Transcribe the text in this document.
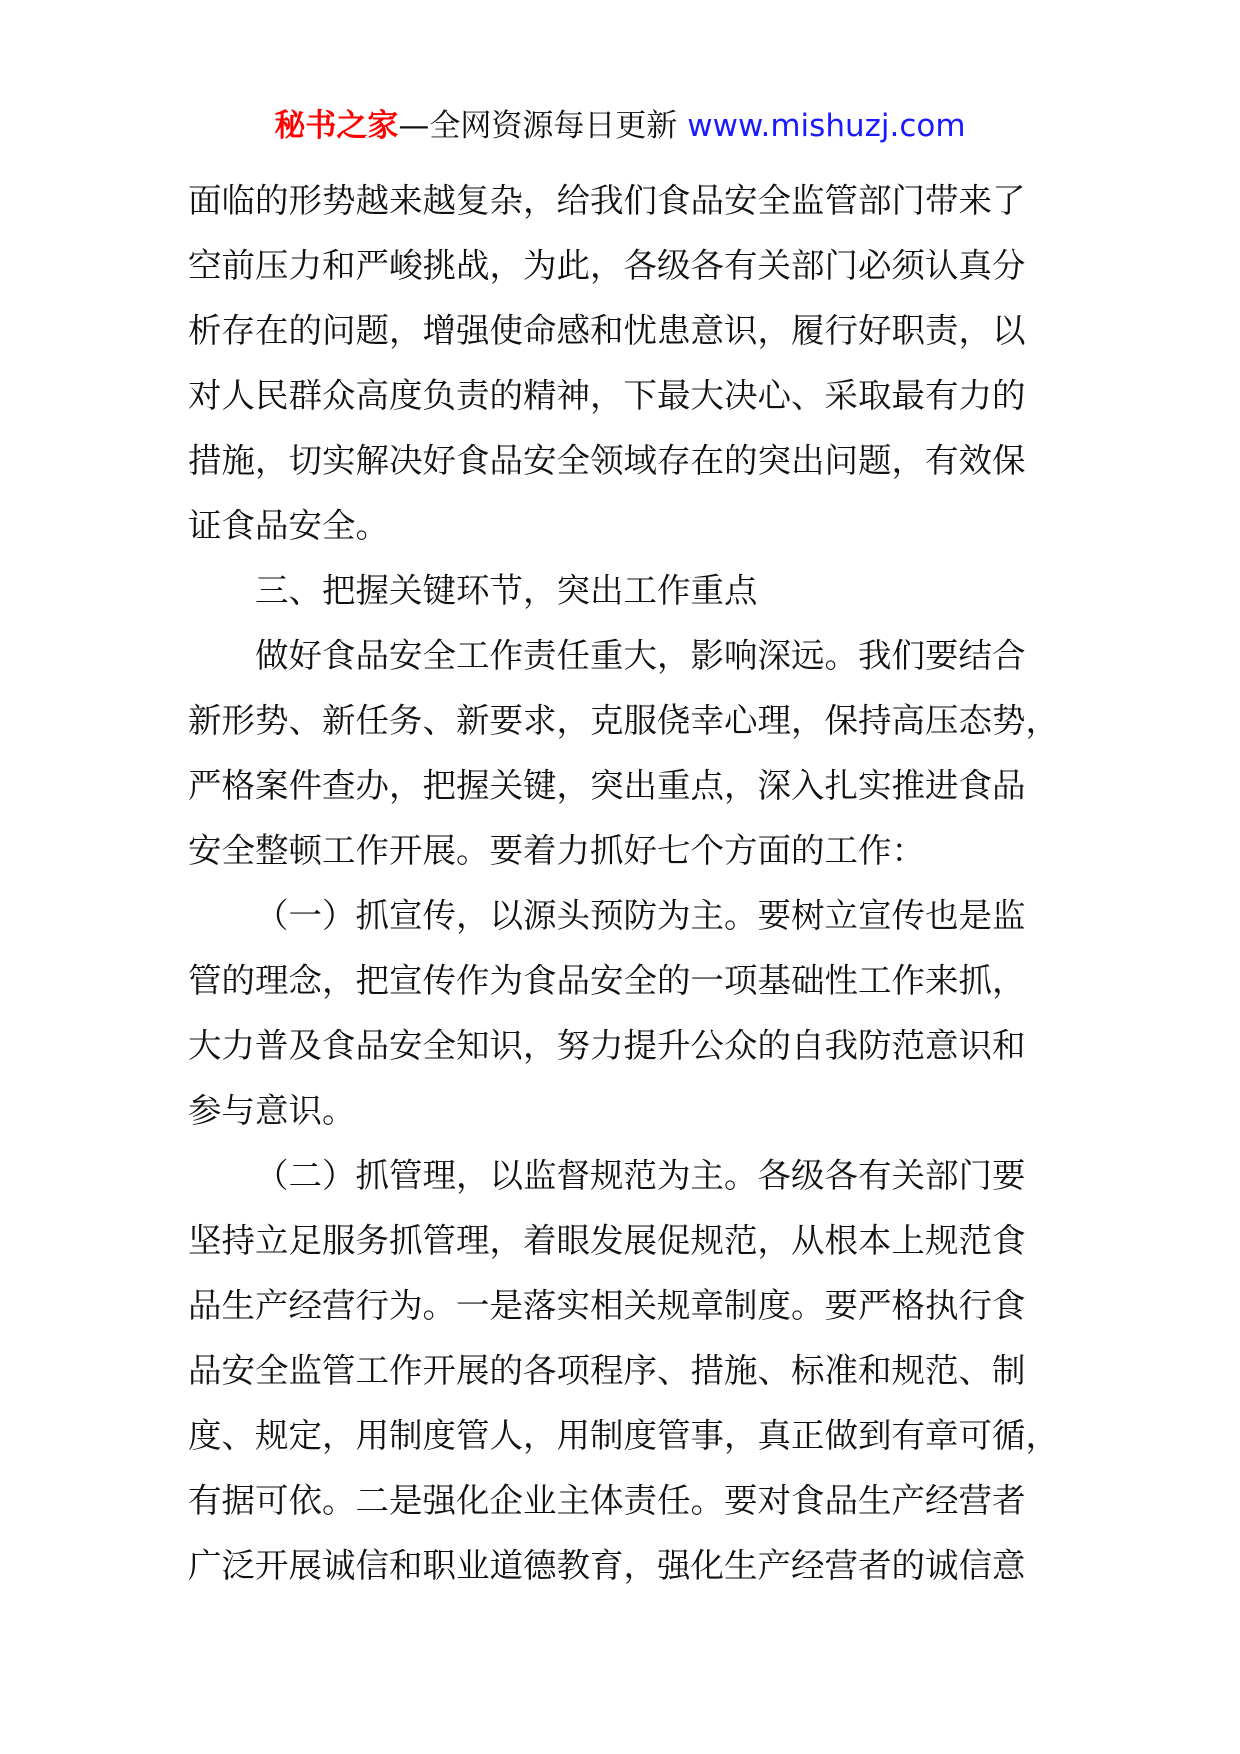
秘书之家—全网资源每日更新 www.mishuzj.com
面临的形势越来越复杂，给我们食品安全监管部门带来了
空前压力和严峻挑战，为此，各级各有关部门必须认真分
析存在的问题，增强使命感和忧患意识，履行好职责，以
对人民群众高度负责的精神，下最大决心、采取最有力的
措施，切实解决好食品安全领域存在的突出问题，有效保
证食品安全。
三、把握关键环节，突出工作重点
做好食品安全工作责任重大，影响深远。我们要结合
新形势、新任务、新要求，克服侥幸心理，保持高压态势，
严格案件查办，把握关键，突出重点，深入扎实推进食品
安全整顿工作开展。要着力抓好七个方面的工作：
（一）抓宣传，以源头预防为主。要树立宣传也是监
管的理念，把宣传作为食品安全的一项基础性工作来抓，
大力普及食品安全知识，努力提升公众的自我防范意识和
参与意识。
（二）抓管理，以监督规范为主。各级各有关部门要
坚持立足服务抓管理，着眼发展促规范，从根本上规范食
品生产经营行为。一是落实相关规章制度。要严格执行食
品安全监管工作开展的各项程序、措施、标准和规范、制
度、规定，用制度管人，用制度管事，真正做到有章可循，
有据可依。二是强化企业主体责任。要对食品生产经营者
广泛开展诚信和职业道德教育，强化生产经营者的诚信意
